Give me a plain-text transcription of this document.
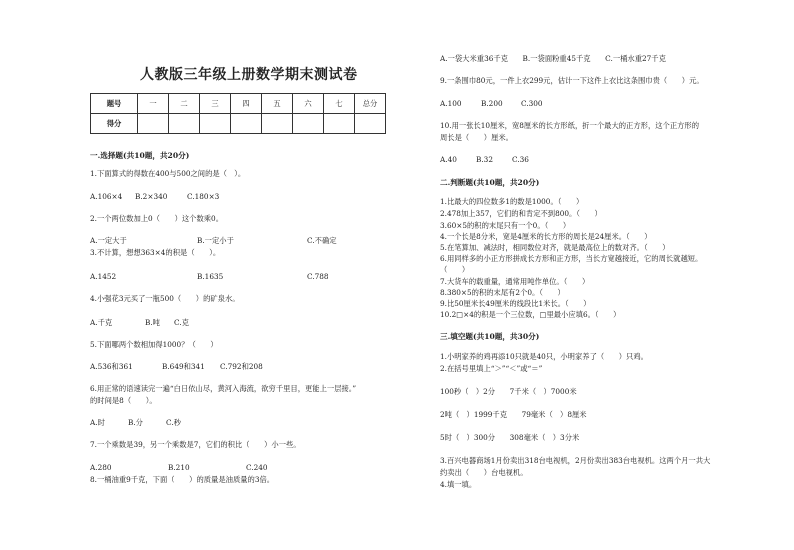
人教版三年级上册数学期末测试卷
题号	一	二	三	四	五	六	七	总分
得分								
一.选择题(共10题，共20分)
1.下面算式的得数在400与500之间的是（　）。
A.106×4 B.2×340	C.180×3
2.一个两位数加上0（　　）这个数乘0。
A.一定大于	B.一定小于	C.不确定
3.不计算，想想363×4的积是（　　）。
A.1452	B.1635	C.788
4.小强花3元买了一瓶500（　　）的矿泉水。
A.千克	B.吨 C.克
5.下面哪两个数相加得1000？（　　）
A.536和361	B.649和341 C.792和208
6.用正常的语速读完一遍“白日依山尽，黄河入海流，欲穷千里目，更能上一层接。”
的时间是8（　　）。
A.时	B.分	C.秒
7.一个乘数是39，另一个乘数是7，它们的积比（　　）小一些。
A.280	B.210	C.240
8.一桶油重9千克，下面（　　）的质量是油质量的3倍。
A.一袋大米重36千克　　B.一袋面粉重45千克　　C.一桶水重27千克
9.一条围巾80元，一件上衣299元，估计一下这件上衣比这条围巾贵（　　）元。
A.100	B.200	C.300
10.用一张长10厘米，宽8厘米的长方形纸，折一个最大的正方形，这个正方形的
周长是（　　）厘米。
A.40	B.32	C.36
二.判断题(共10题，共20分)
1.比最大的四位数多1的数是1000。（　　）
2.478加上357，它们的和肯定不到800。（　　）
3.60×5的积的末尾只有一个0。（　　）
4.一个长是8分米，宽是4厘米的长方形的周长是24厘米。（　　）
5.在笔算加、减法时，相同数位对齐，就是最高位上的数对齐。（　　）
6.用同样多的小正方形拼成长方形和正方形，当长方宽越接近，它的周长就越短。
（　　）
7.大货车的载重量，通常用吨作单位。（　　）
8.380×5的积的末尾有2个0。（　　）
9.比50厘米长49厘米的线段比1米长。（　　）
10.2□×4的积是一个三位数，□里最小应填6。（　　）
三.填空题(共10题，共30分)
1.小明家养的鸡再添10只就是40只，小明家养了（　　）只鸡。
2.在括号里填上“＞”“＜”或“＝”
100秒（　）2分　　7千米（　）7000米
2吨（　）1999千克　　79毫米（　）8厘米
5时（　）300分　　308毫米（　）3分米
3.百兴电器商场1月份卖出318台电视机，2月份卖出383台电视机。这两个月一共大
约卖出（　　）台电视机。
4.填一填。
